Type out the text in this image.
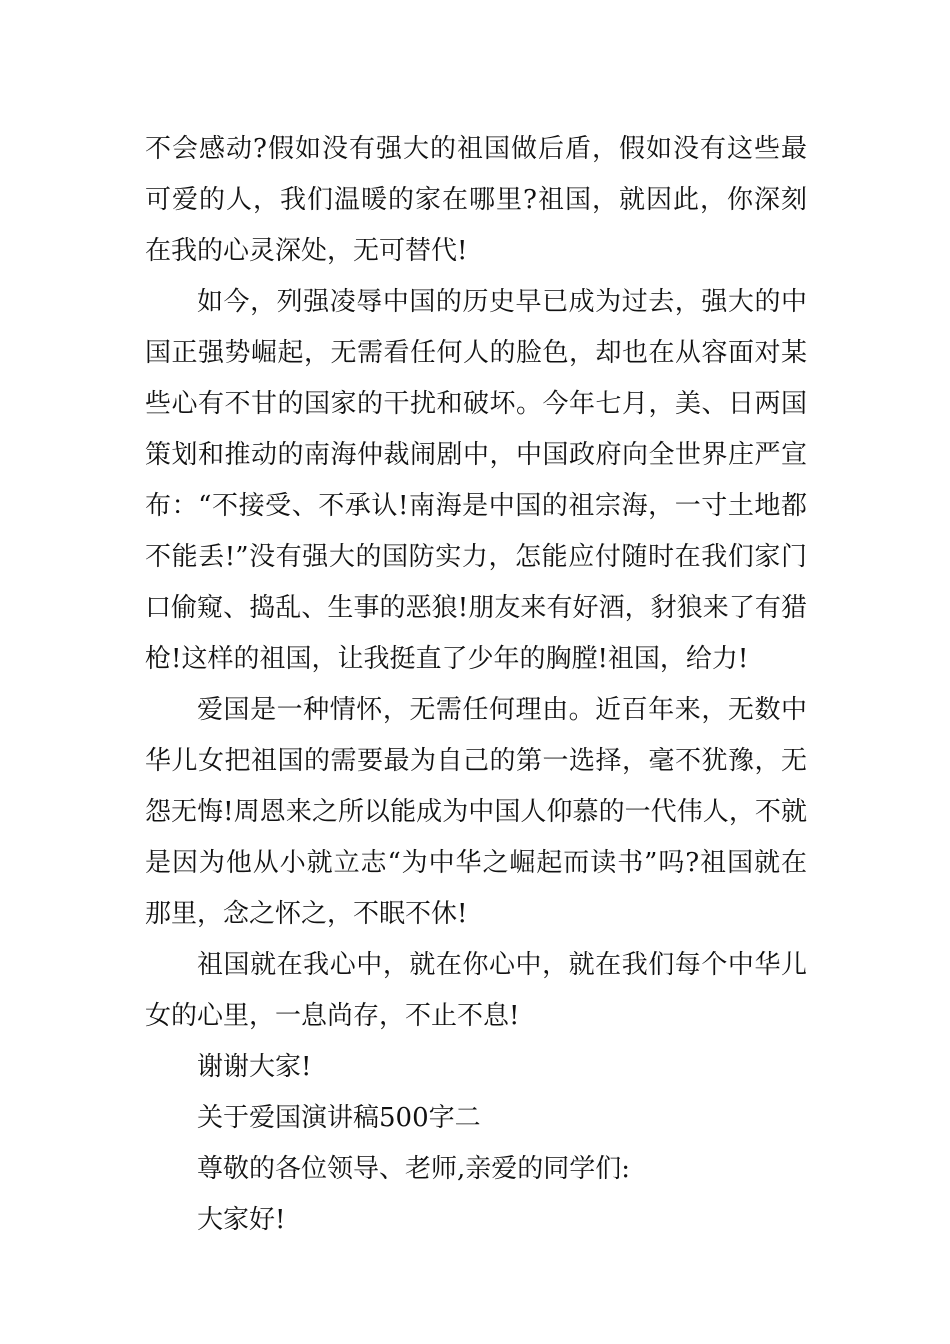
不会感动?假如没有强大的祖国做后盾，假如没有这些最可爱的人，我们温暖的家在哪里?祖国，就因此，你深刻在我的心灵深处，无可替代!

如今，列强凌辱中国的历史早已成为过去，强大的中国正强势崛起，无需看任何人的脸色，却也在从容面对某些心有不甘的国家的干扰和破坏。今年七月，美、日两国策划和推动的南海仲裁闹剧中，中国政府向全世界庄严宣布：“不接受、不承认!南海是中国的祖宗海，一寸土地都不能丢!”没有强大的国防实力，怎能应付随时在我们家门口偷窥、捣乱、生事的恶狼!朋友来有好酒，豺狼来了有猎枪!这样的祖国，让我挺直了少年的胸膛!祖国，给力!

爱国是一种情怀，无需任何理由。近百年来，无数中华儿女把祖国的需要最为自己的第一选择，毫不犹豫，无怨无悔!周恩来之所以能成为中国人仰慕的一代伟人，不就是因为他从小就立志“为中华之崛起而读书”吗?祖国就在那里，念之怀之，不眠不休!

祖国就在我心中，就在你心中，就在我们每个中华儿女的心里，一息尚存，不止不息!

谢谢大家!

关于爱国演讲稿500字二

尊敬的各位领导、老师,亲爱的同学们:

大家好!
